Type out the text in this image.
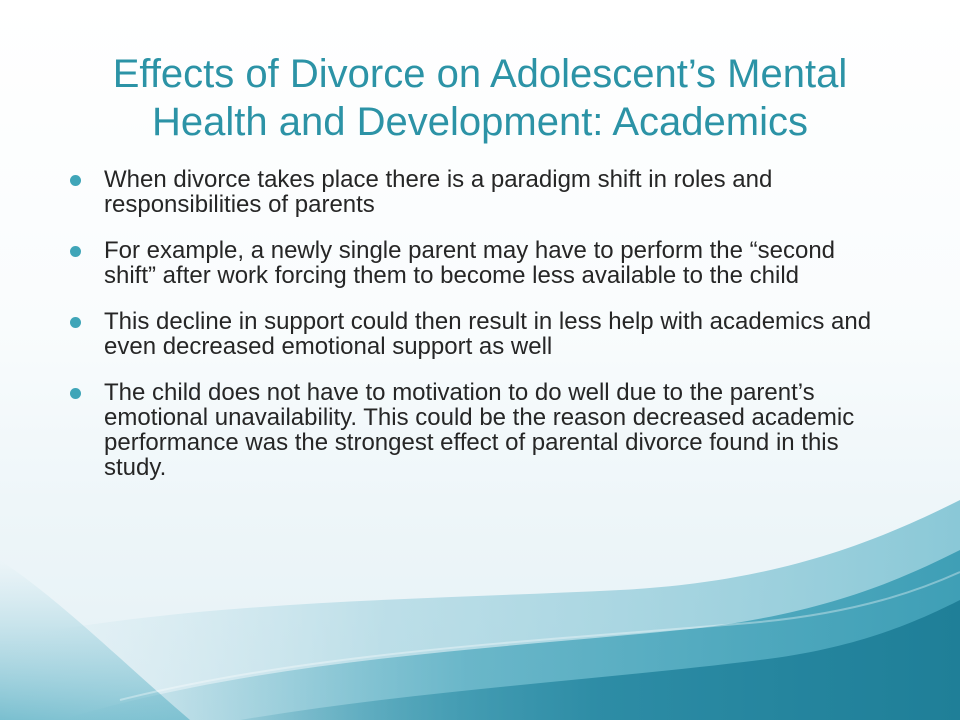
Effects of Divorce on Adolescent’s Mental Health and Development: Academics
When divorce takes place there is a paradigm shift in roles and responsibilities of parents
For example, a newly single parent may have to perform the “second shift” after work forcing them to become less available to the child
This decline in support could then result in less help with academics and even decreased emotional support as well
The child does not have to motivation to do well due to the parent’s emotional unavailability. This could be the reason decreased academic performance was the strongest effect of parental divorce found in this study.
